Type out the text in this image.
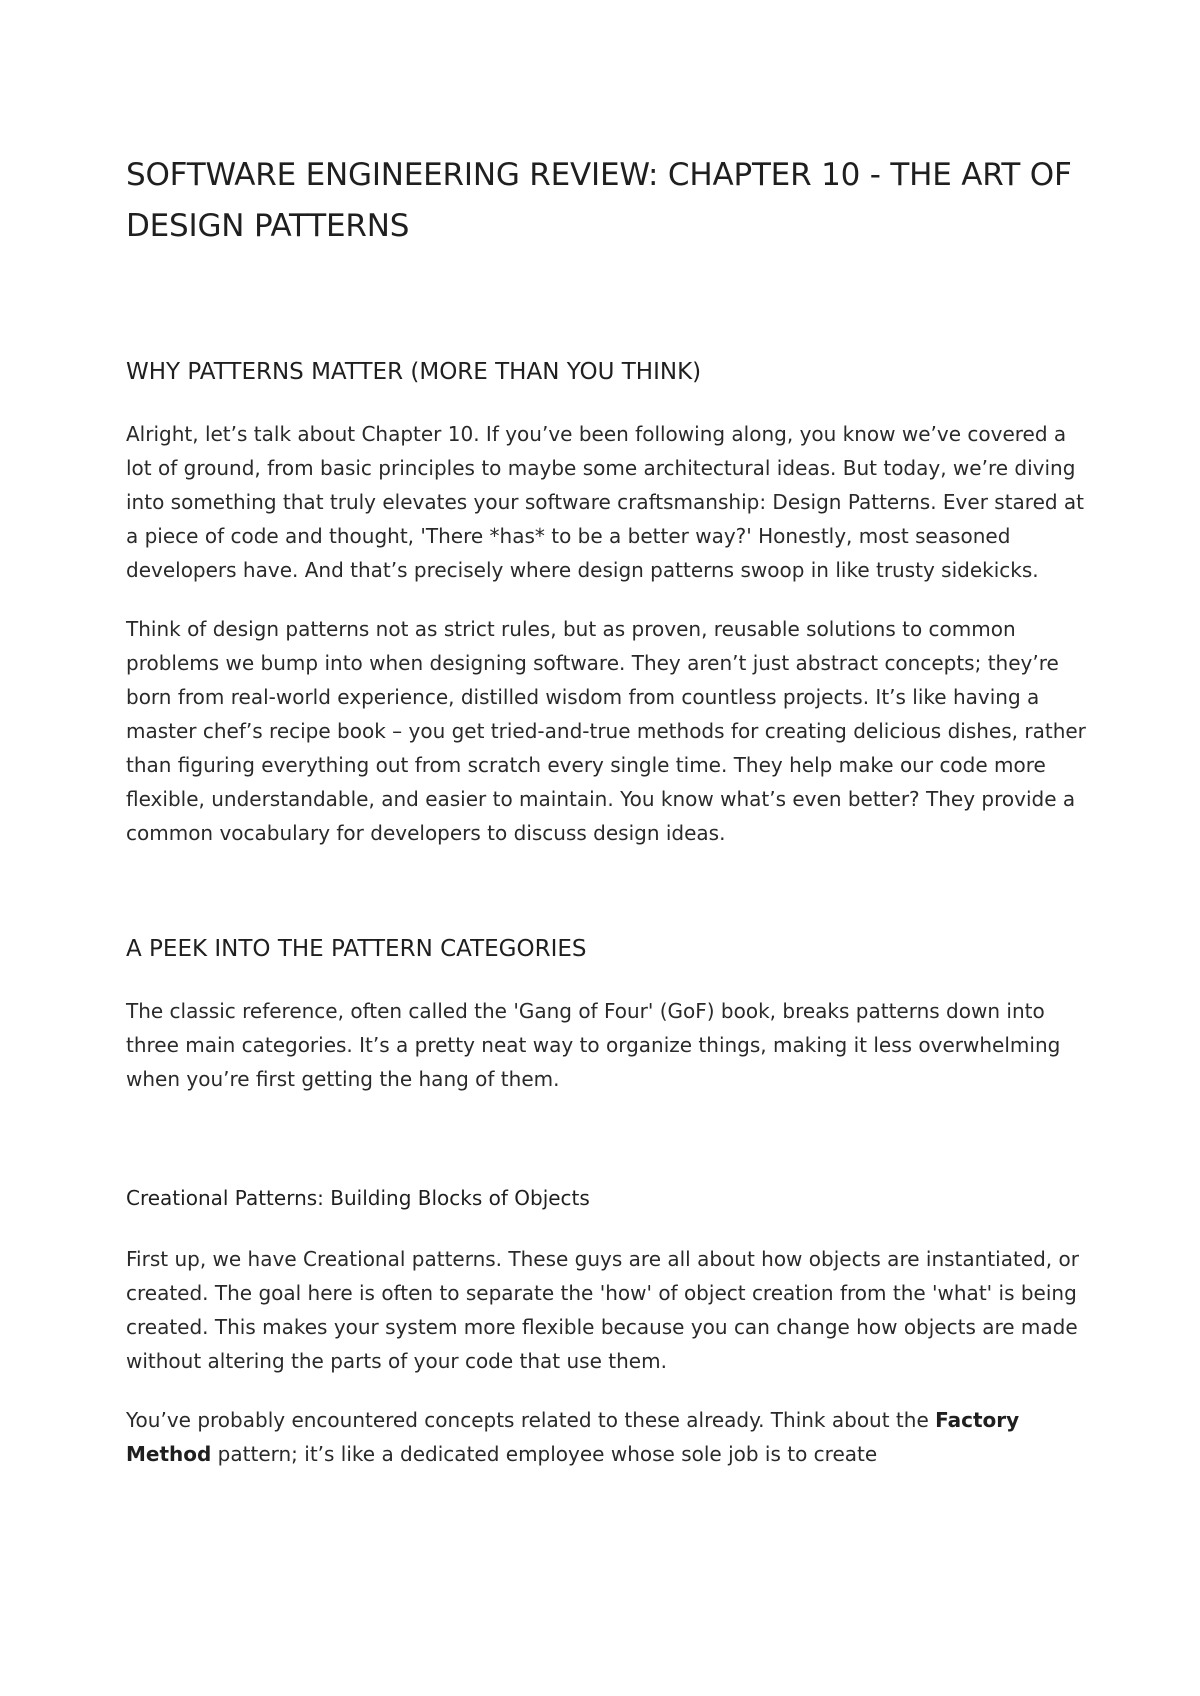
SOFTWARE ENGINEERING REVIEW: CHAPTER 10 - THE ART OF DESIGN PATTERNS
WHY PATTERNS MATTER (MORE THAN YOU THINK)

Alright, let’s talk about Chapter 10. If you’ve been following along, you know we’ve covered a lot of ground, from basic principles to maybe some architectural ideas. But today, we’re diving into something that truly elevates your software craftsmanship: Design Patterns. Ever stared at a piece of code and thought, 'There *has* to be a better way?' Honestly, most seasoned developers have. And that’s precisely where design patterns swoop in like trusty sidekicks.

Think of design patterns not as strict rules, but as proven, reusable solutions to common problems we bump into when designing software. They aren’t just abstract concepts; they’re born from real-world experience, distilled wisdom from countless projects. It’s like having a master chef’s recipe book – you get tried-and-true methods for creating delicious dishes, rather than figuring everything out from scratch every single time. They help make our code more flexible, understandable, and easier to maintain. You know what’s even better? They provide a common vocabulary for developers to discuss design ideas.

A PEEK INTO THE PATTERN CATEGORIES

The classic reference, often called the 'Gang of Four' (GoF) book, breaks patterns down into three main categories. It’s a pretty neat way to organize things, making it less overwhelming when you’re first getting the hang of them.

Creational Patterns: Building Blocks of Objects

First up, we have Creational patterns. These guys are all about how objects are instantiated, or created. The goal here is often to separate the 'how' of object creation from the 'what' is being created. This makes your system more flexible because you can change how objects are made without altering the parts of your code that use them.

You’ve probably encountered concepts related to these already. Think about the Factory Method pattern; it’s like a dedicated employee whose sole job is to create
